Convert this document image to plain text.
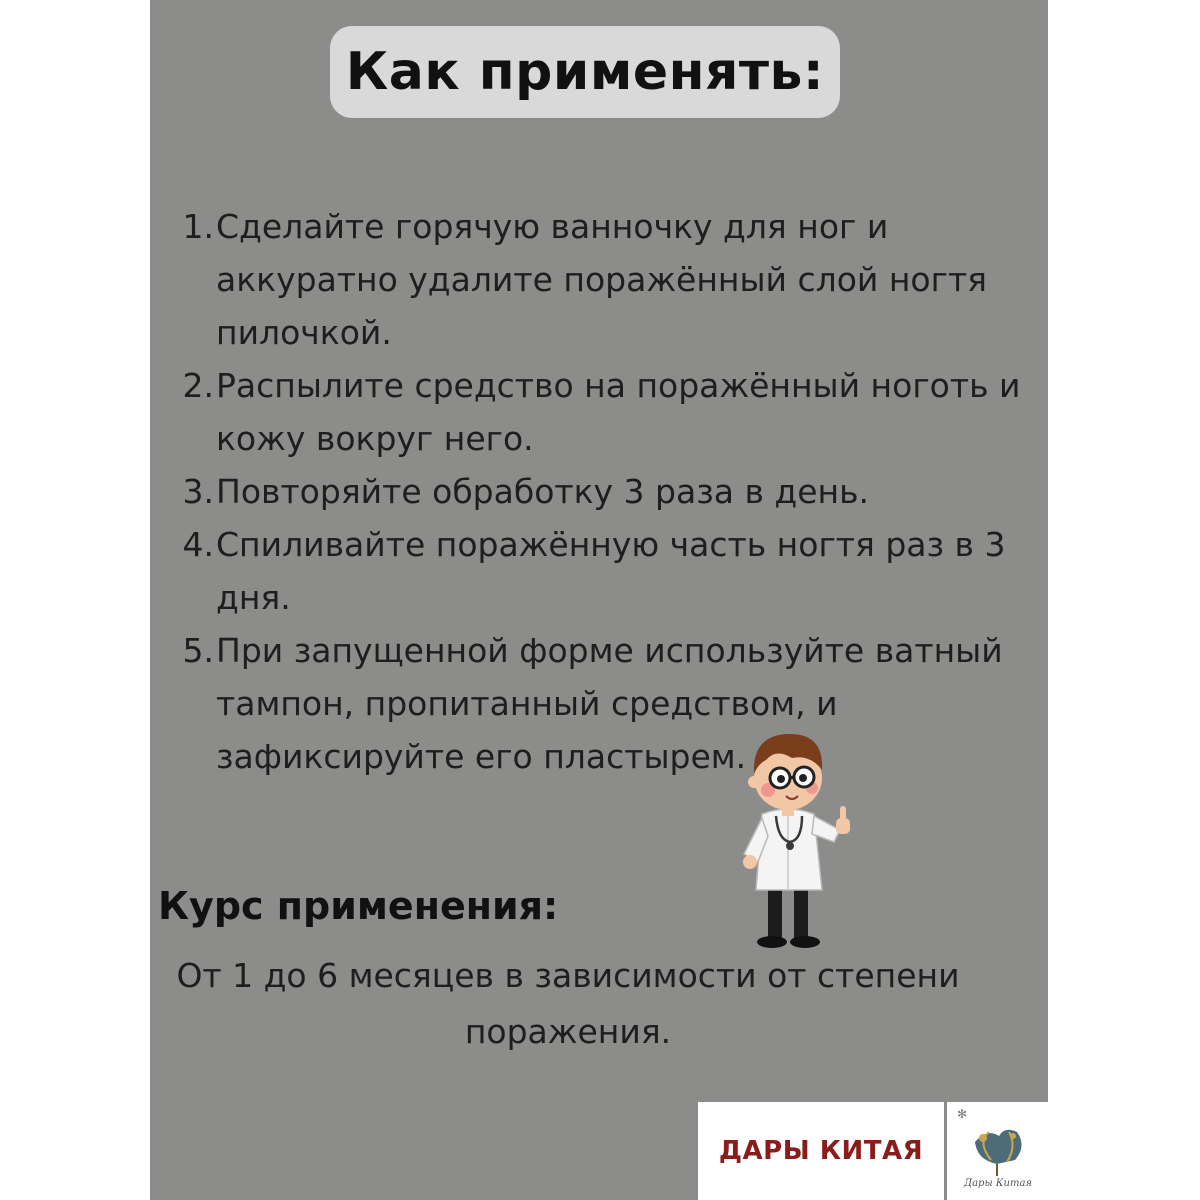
Как применять:
1. Сделайте горячую ванночку для ног и аккуратно удалите поражённый слой ногтя пилочкой.
2. Распылите средство на поражённый ноготь и кожу вокруг него.
3. Повторяйте обработку 3 раза в день.
4. Спиливайте поражённую часть ногтя раз в 3 дня.
5. При запущенной форме используйте ватный тампон, пропитанный средством, и зафиксируйте его пластырем.
Курс применения:

От 1 до 6 месяцев в зависимости от степени поражения.

ДАРЫ КИТАЯ
✻
Дары Китая
